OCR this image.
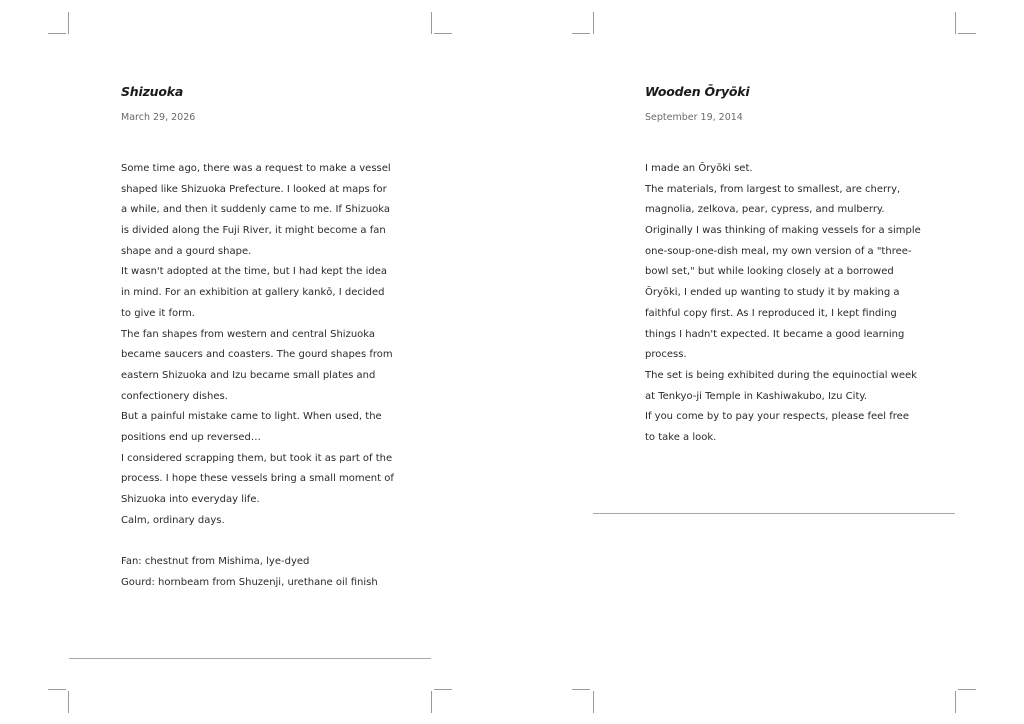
Shizuoka
March 29, 2026
Some time ago, there was a request to make a vessel
shaped like Shizuoka Prefecture. I looked at maps for
a while, and then it suddenly came to me. If Shizuoka
is divided along the Fuji River, it might become a fan
shape and a gourd shape.
It wasn't adopted at the time, but I had kept the idea
in mind. For an exhibition at gallery kankō, I decided
to give it form.
The fan shapes from western and central Shizuoka
became saucers and coasters. The gourd shapes from
eastern Shizuoka and Izu became small plates and
confectionery dishes.
But a painful mistake came to light. When used, the
positions end up reversed…
I considered scrapping them, but took it as part of the
process. I hope these vessels bring a small moment of
Shizuoka into everyday life.
Calm, ordinary days.

Fan: chestnut from Mishima, lye-dyed
Gourd: hornbeam from Shuzenji, urethane oil finish
Wooden Ōryōki
September 19, 2014
I made an Ōryōki set.
The materials, from largest to smallest, are cherry,
magnolia, zelkova, pear, cypress, and mulberry.
Originally I was thinking of making vessels for a simple
one-soup-one-dish meal, my own version of a "three-
bowl set," but while looking closely at a borrowed
Ōryōki, I ended up wanting to study it by making a
faithful copy first. As I reproduced it, I kept finding
things I hadn't expected. It became a good learning
process.
The set is being exhibited during the equinoctial week
at Tenkyo-ji Temple in Kashiwakubo, Izu City.
If you come by to pay your respects, please feel free
to take a look.
